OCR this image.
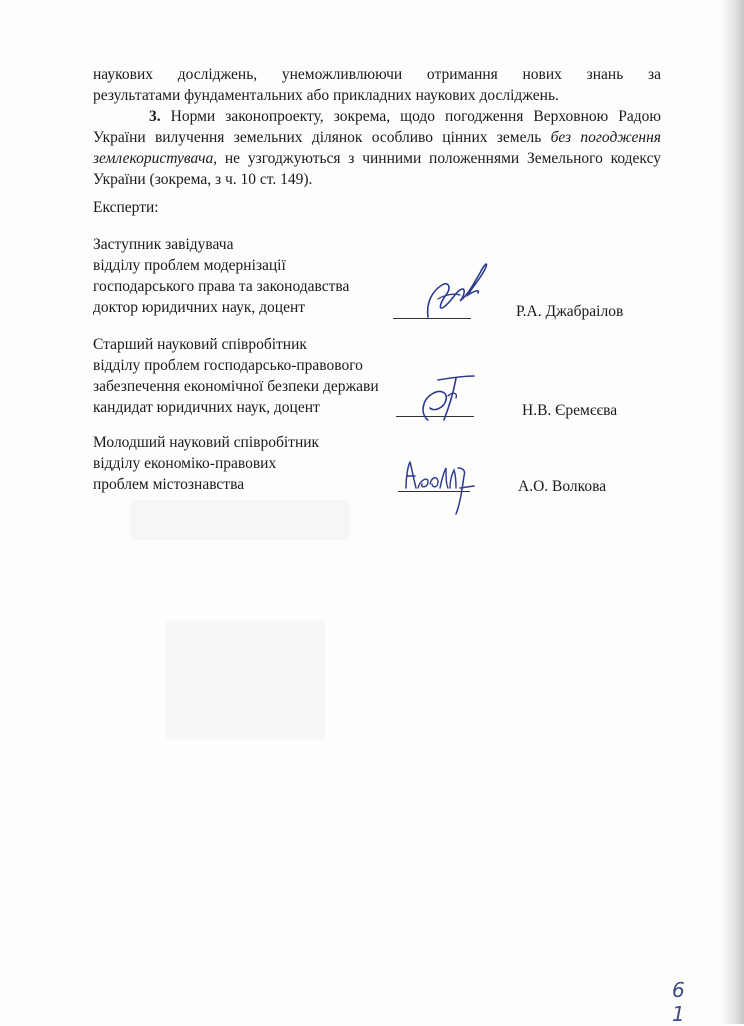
наукових досліджень, унеможливлюючи отримання нових знань за
результатами фундаментальних або прикладних наукових досліджень.
3. Норми законопроекту, зокрема, щодо погодження Верховною Радою України вилучення земельних ділянок особливо цінних земель без погодження землекористувача, не узгоджуються з чинними положеннями Земельного кодексу України (зокрема, з ч. 10 ст. 149).
Експерти:
Заступник завідувача
відділу проблем модернізації
господарського права та законодавства
доктор юридичних наук, доцент	Р.А. Джабраілов
Старший науковий співробітник
відділу проблем господарсько-правового
забезпечення економічної безпеки держави
кандидат юридичних наук, доцент	Н.В. Єремєєва
Молодший науковий співробітник
відділу економіко-правових
проблем містознавства	А.О. Волкова
6 1
